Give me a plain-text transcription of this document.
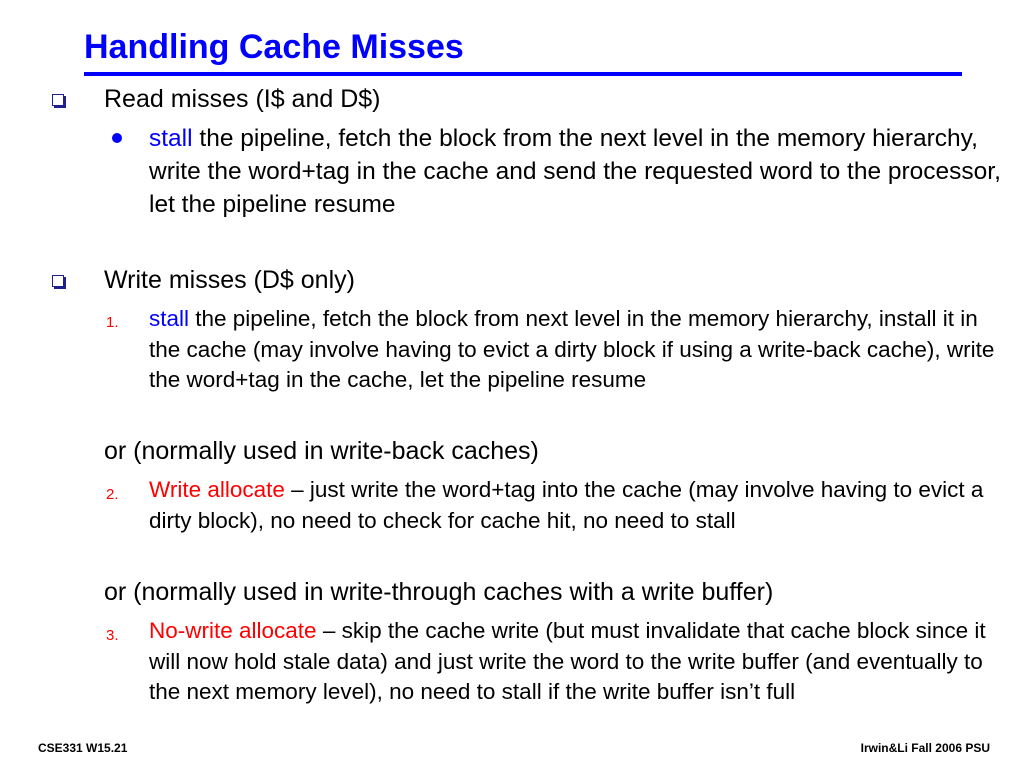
Handling Cache Misses
Read misses (I$ and D$)
stall the pipeline, fetch the block from the next level in the memory hierarchy, write the word+tag in the cache and send the requested word to the processor, let the pipeline resume
Write misses (D$ only)
1. stall the pipeline, fetch the block from next level in the memory hierarchy, install it in the cache (may involve having to evict a dirty block if using a write-back cache), write the word+tag in the cache, let the pipeline resume
or (normally used in write-back caches)
2. Write allocate – just write the word+tag into the cache (may involve having to evict a dirty block), no need to check for cache hit, no need to stall
or (normally used in write-through caches with a write buffer)
3. No-write allocate – skip the cache write (but must invalidate that cache block since it will now hold stale data) and just write the word to the write buffer (and eventually to the next memory level), no need to stall if the write buffer isn’t full
CSE331 W15.21	Irwin&Li Fall 2006 PSU
